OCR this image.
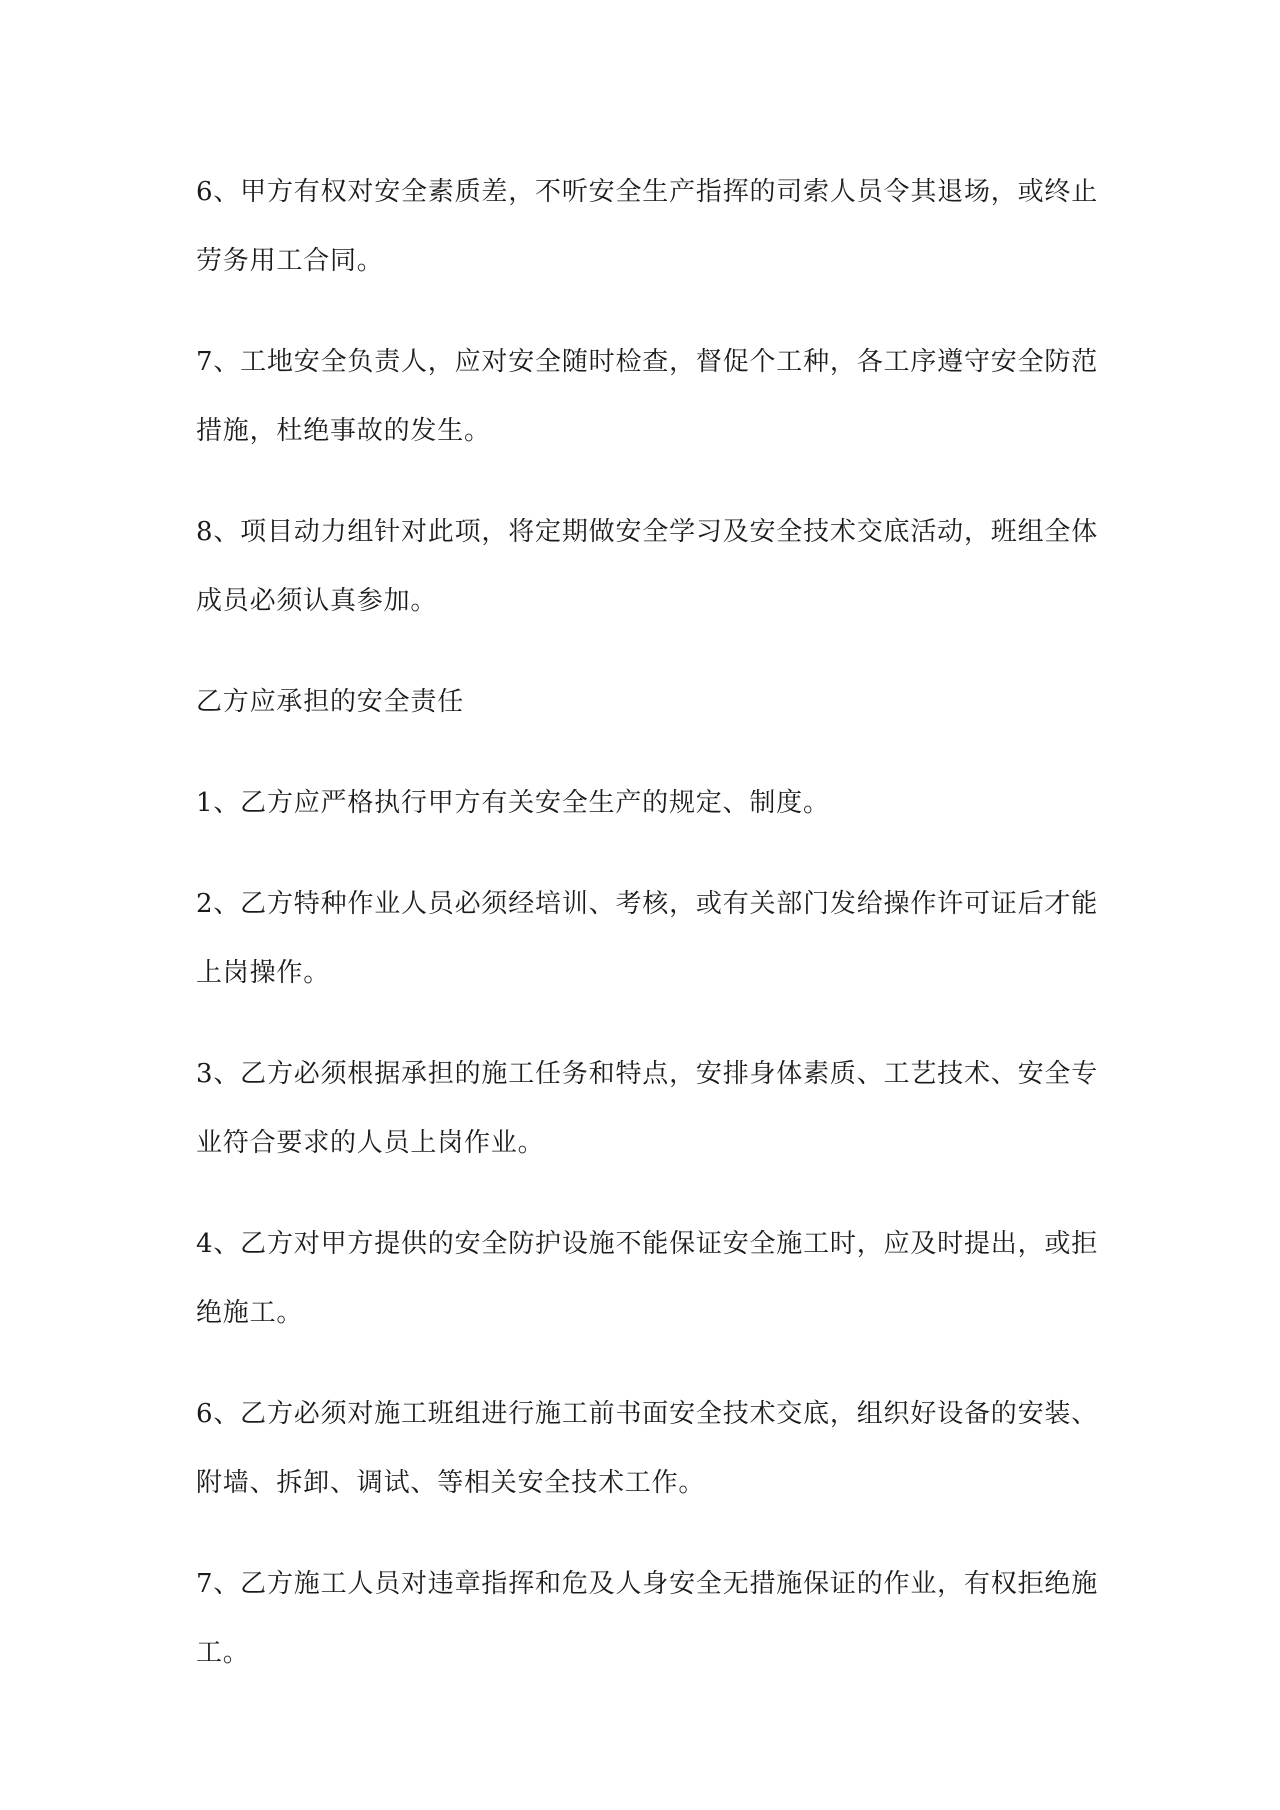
6、甲方有权对安全素质差，不听安全生产指挥的司索人员令其退场，或终止劳务用工合同。

7、工地安全负责人，应对安全随时检查，督促个工种，各工序遵守安全防范措施，杜绝事故的发生。

8、项目动力组针对此项，将定期做安全学习及安全技术交底活动，班组全体成员必须认真参加。

乙方应承担的安全责任

1、乙方应严格执行甲方有关安全生产的规定、制度。

2、乙方特种作业人员必须经培训、考核，或有关部门发给操作许可证后才能上岗操作。

3、乙方必须根据承担的施工任务和特点，安排身体素质、工艺技术、安全专业符合要求的人员上岗作业。

4、乙方对甲方提供的安全防护设施不能保证安全施工时，应及时提出，或拒绝施工。

6、乙方必须对施工班组进行施工前书面安全技术交底，组织好设备的安装、附墙、拆卸、调试、等相关安全技术工作。

7、乙方施工人员对违章指挥和危及人身安全无措施保证的作业，有权拒绝施工。
